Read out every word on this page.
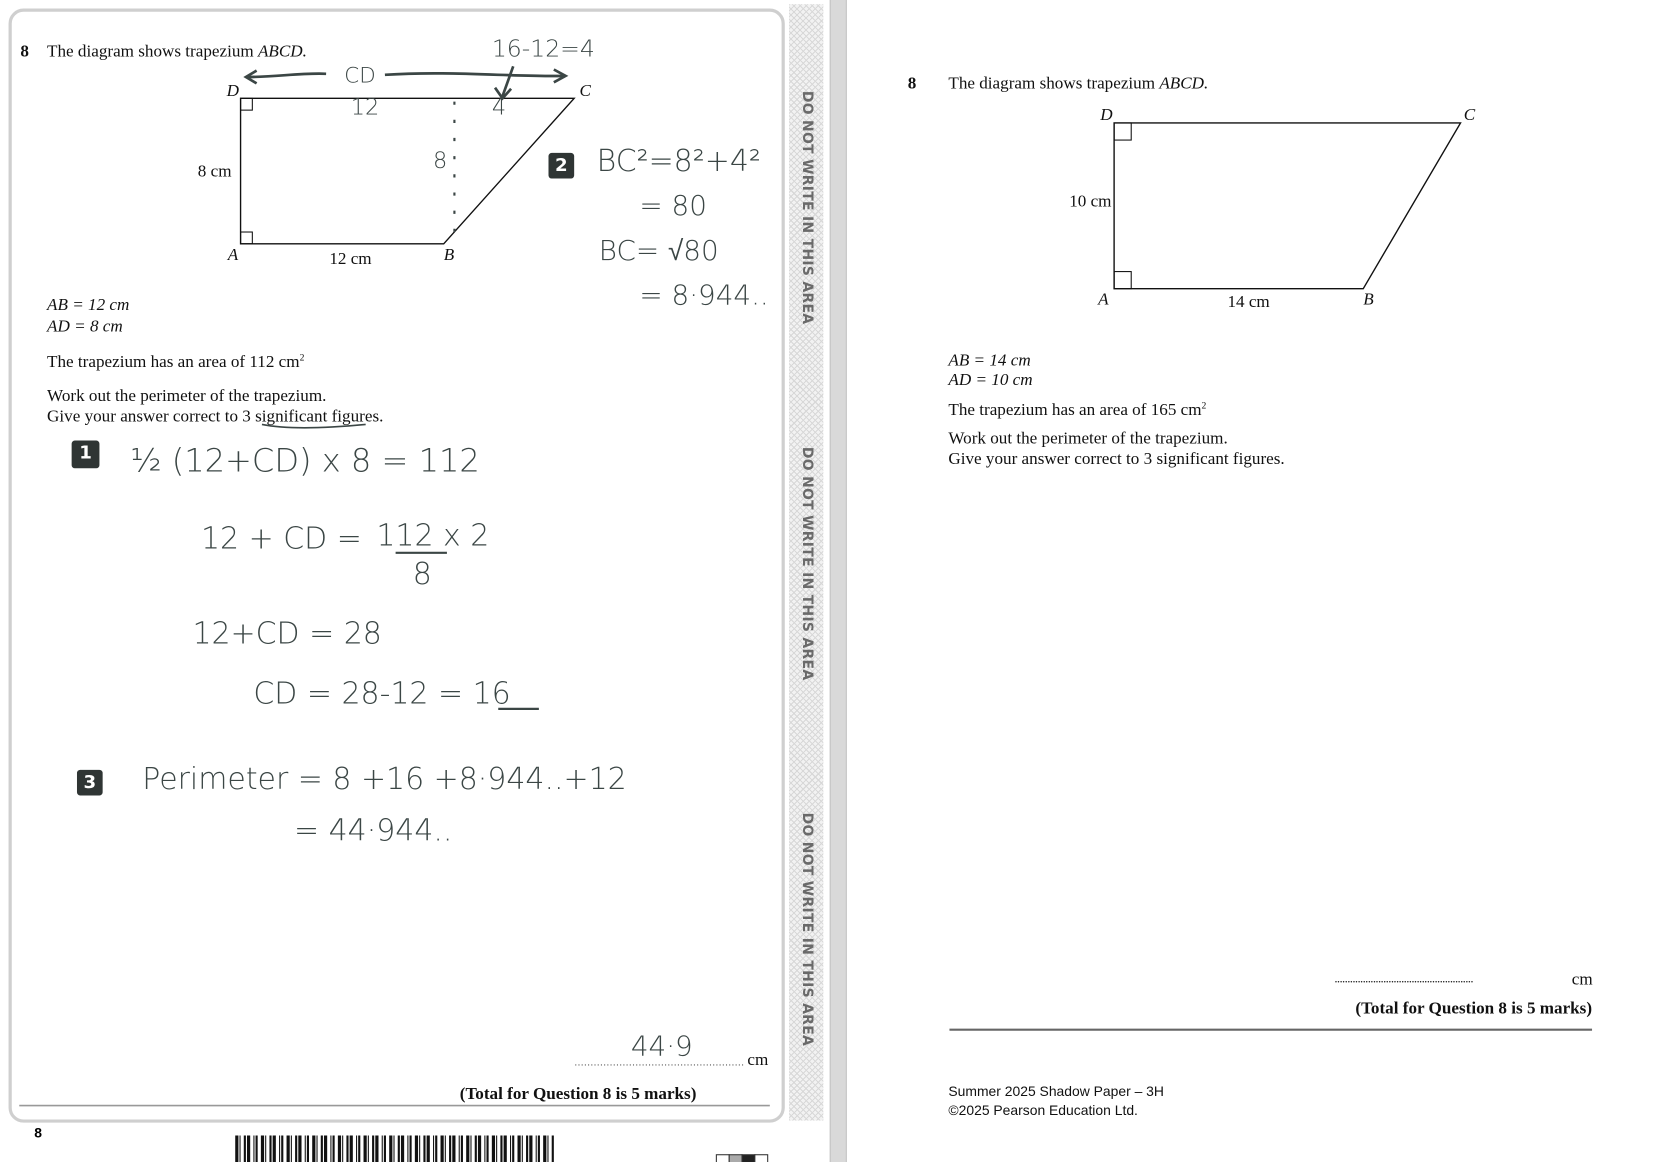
8 The diagram shows trapezium ABCD.
D	C
A	B
8 cm
12 cm
AB = 12 cm
AD = 8 cm
The trapezium has an area of 112 $cm^2$
Work out the perimeter of the trapezium.
Give your answer correct to 3 significant figures.
16-12=4
CD
12	4
8	2 BC²=8²+4²
= 80
BC= √80
= 8·944..
1 ½ (12+CD) x 8 = 112
12 + CD = 112 x 2
8
12+CD = 28
CD = 28-12 = 16
3 Perimeter = 8 +16 +8·944..+12
= 44·944..
44·9	cm
(Total for Question 8 is 5 marks)
8
DO NOT WRITE IN THIS AREA
DO NOT WRITE IN THIS AREA
DO NOT WRITE IN THIS AREA
8 The diagram shows trapezium ABCD.
D	C
A	B
10 cm
14 cm
AB = 14 cm
AD = 10 cm
The trapezium has an area of 165 $cm^2$
Work out the perimeter of the trapezium.
Give your answer correct to 3 significant figures.
......................................................	cm
(Total for Question 8 is 5 marks)
Summer 2025 Shadow Paper – 3H
©2025 Pearson Education Ltd.
